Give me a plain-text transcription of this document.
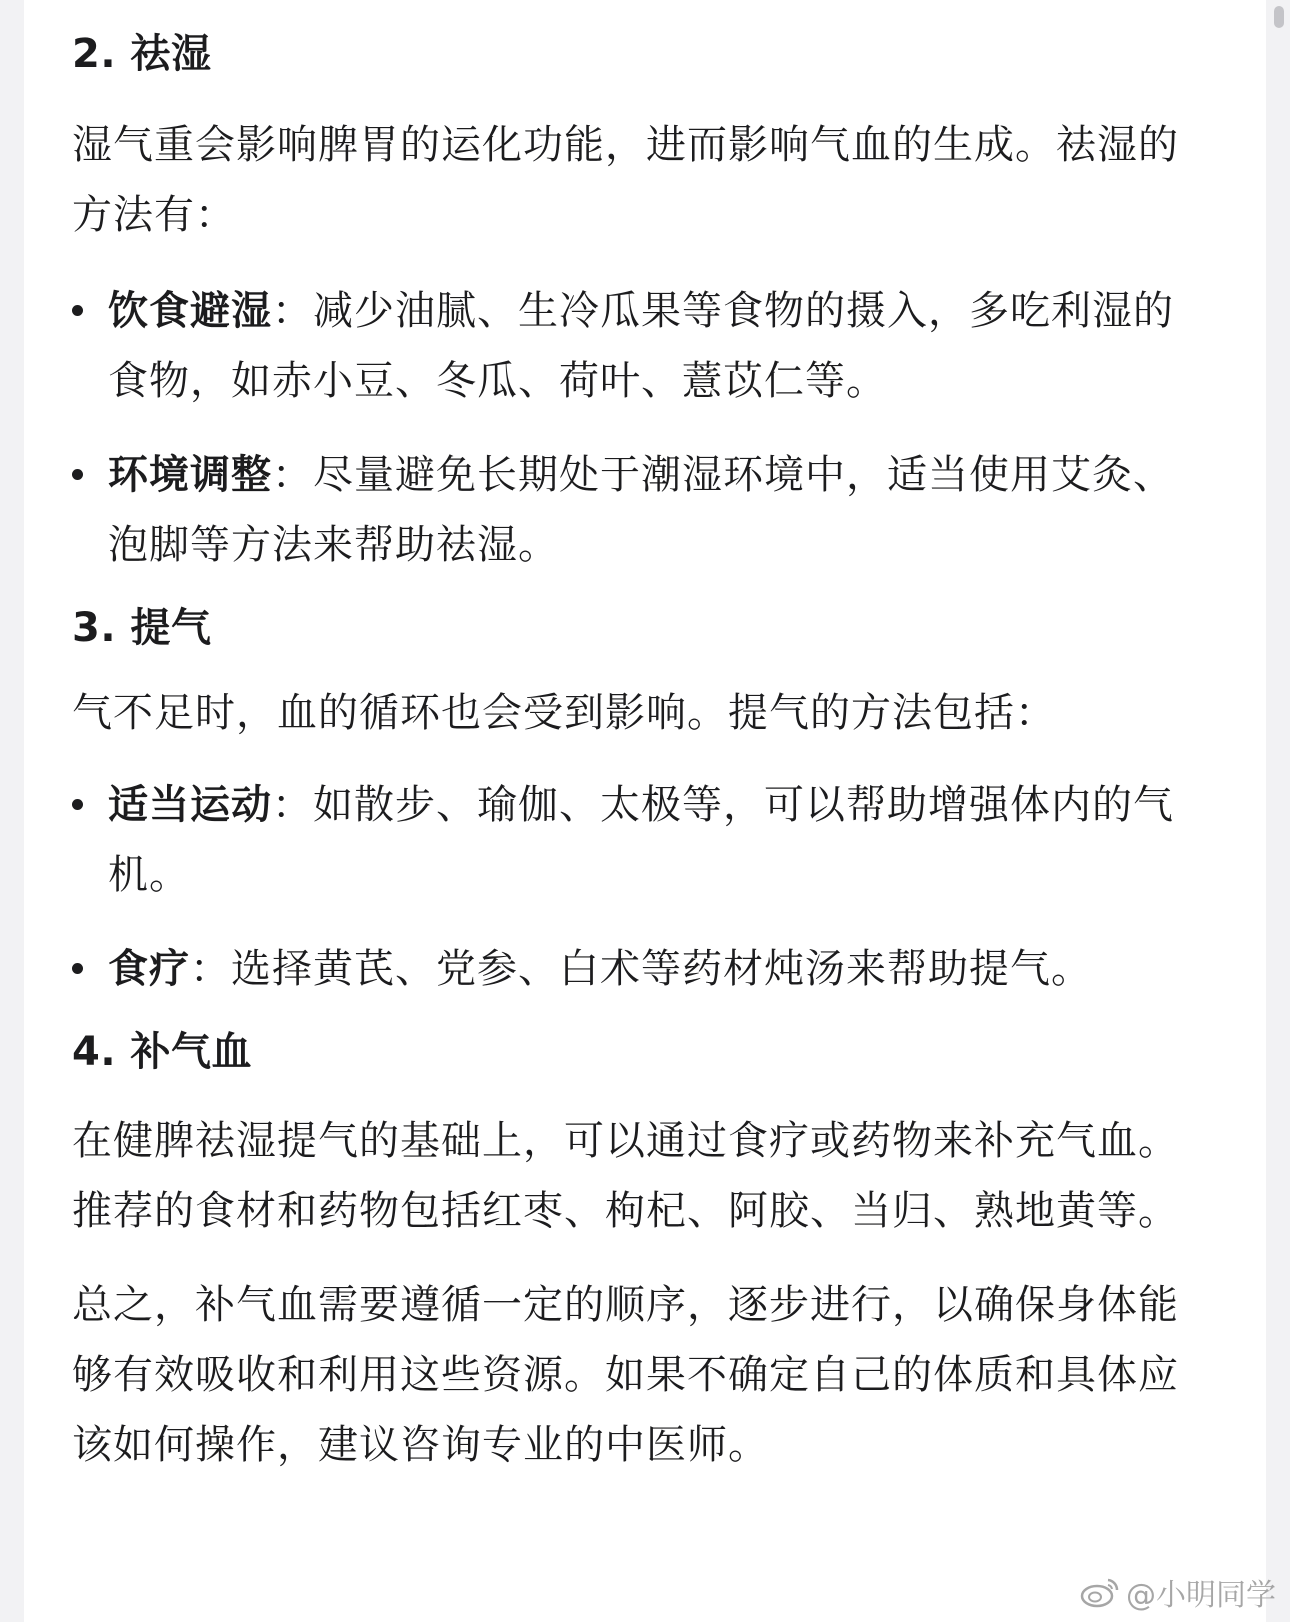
2. 祛湿

湿气重会影响脾胃的运化功能，进而影响气血的生成。祛湿的方法有：

饮食避湿：减少油腻、生冷瓜果等食物的摄入，多吃利湿的食物，如赤小豆、冬瓜、荷叶、薏苡仁等。
环境调整：尽量避免长期处于潮湿环境中，适当使用艾灸、泡脚等方法来帮助祛湿。
3. 提气

气不足时，血的循环也会受到影响。提气的方法包括：

适当运动：如散步、瑜伽、太极等，可以帮助增强体内的气机。
食疗：选择黄芪、党参、白术等药材炖汤来帮助提气。
4. 补气血

在健脾祛湿提气的基础上，可以通过食疗或药物来补充气血。推荐的食材和药物包括红枣、枸杞、阿胶、当归、熟地黄等。

总之，补气血需要遵循一定的顺序，逐步进行，以确保身体能够有效吸收和利用这些资源。如果不确定自己的体质和具体应该如何操作，建议咨询专业的中医师。

@小明同学
